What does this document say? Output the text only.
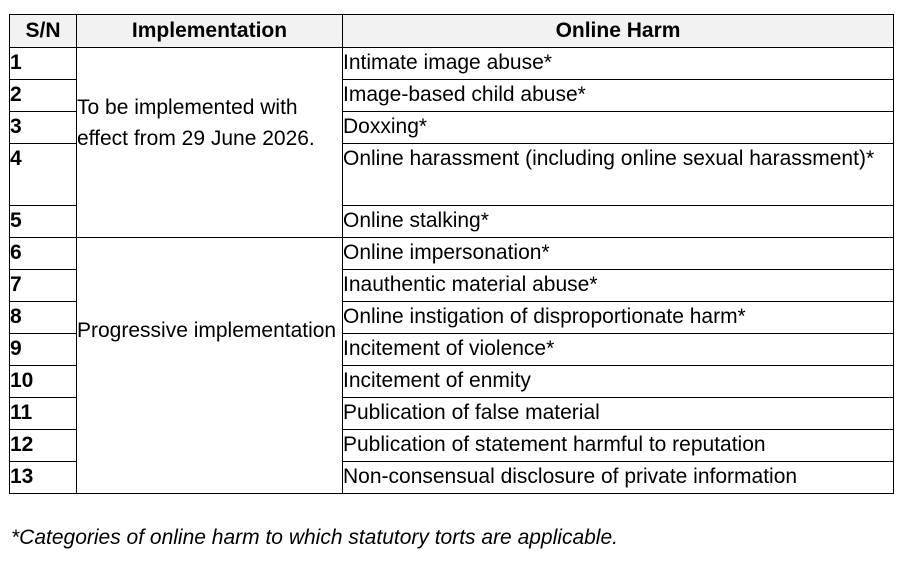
S/N	Implementation	Online Harm
1	To be implemented with effect from 29 June 2026.	Intimate image abuse*
2		Image-based child abuse*
3		Doxxing*
4		Online harassment (including online sexual harassment)*
5		Online stalking*
6	Progressive implementation	Online impersonation*
7		Inauthentic material abuse*
8		Online instigation of disproportionate harm*
9		Incitement of violence*
10		Incitement of enmity
11		Publication of false material
12		Publication of statement harmful to reputation
13		Non-consensual disclosure of private information
*Categories of online harm to which statutory torts are applicable.
